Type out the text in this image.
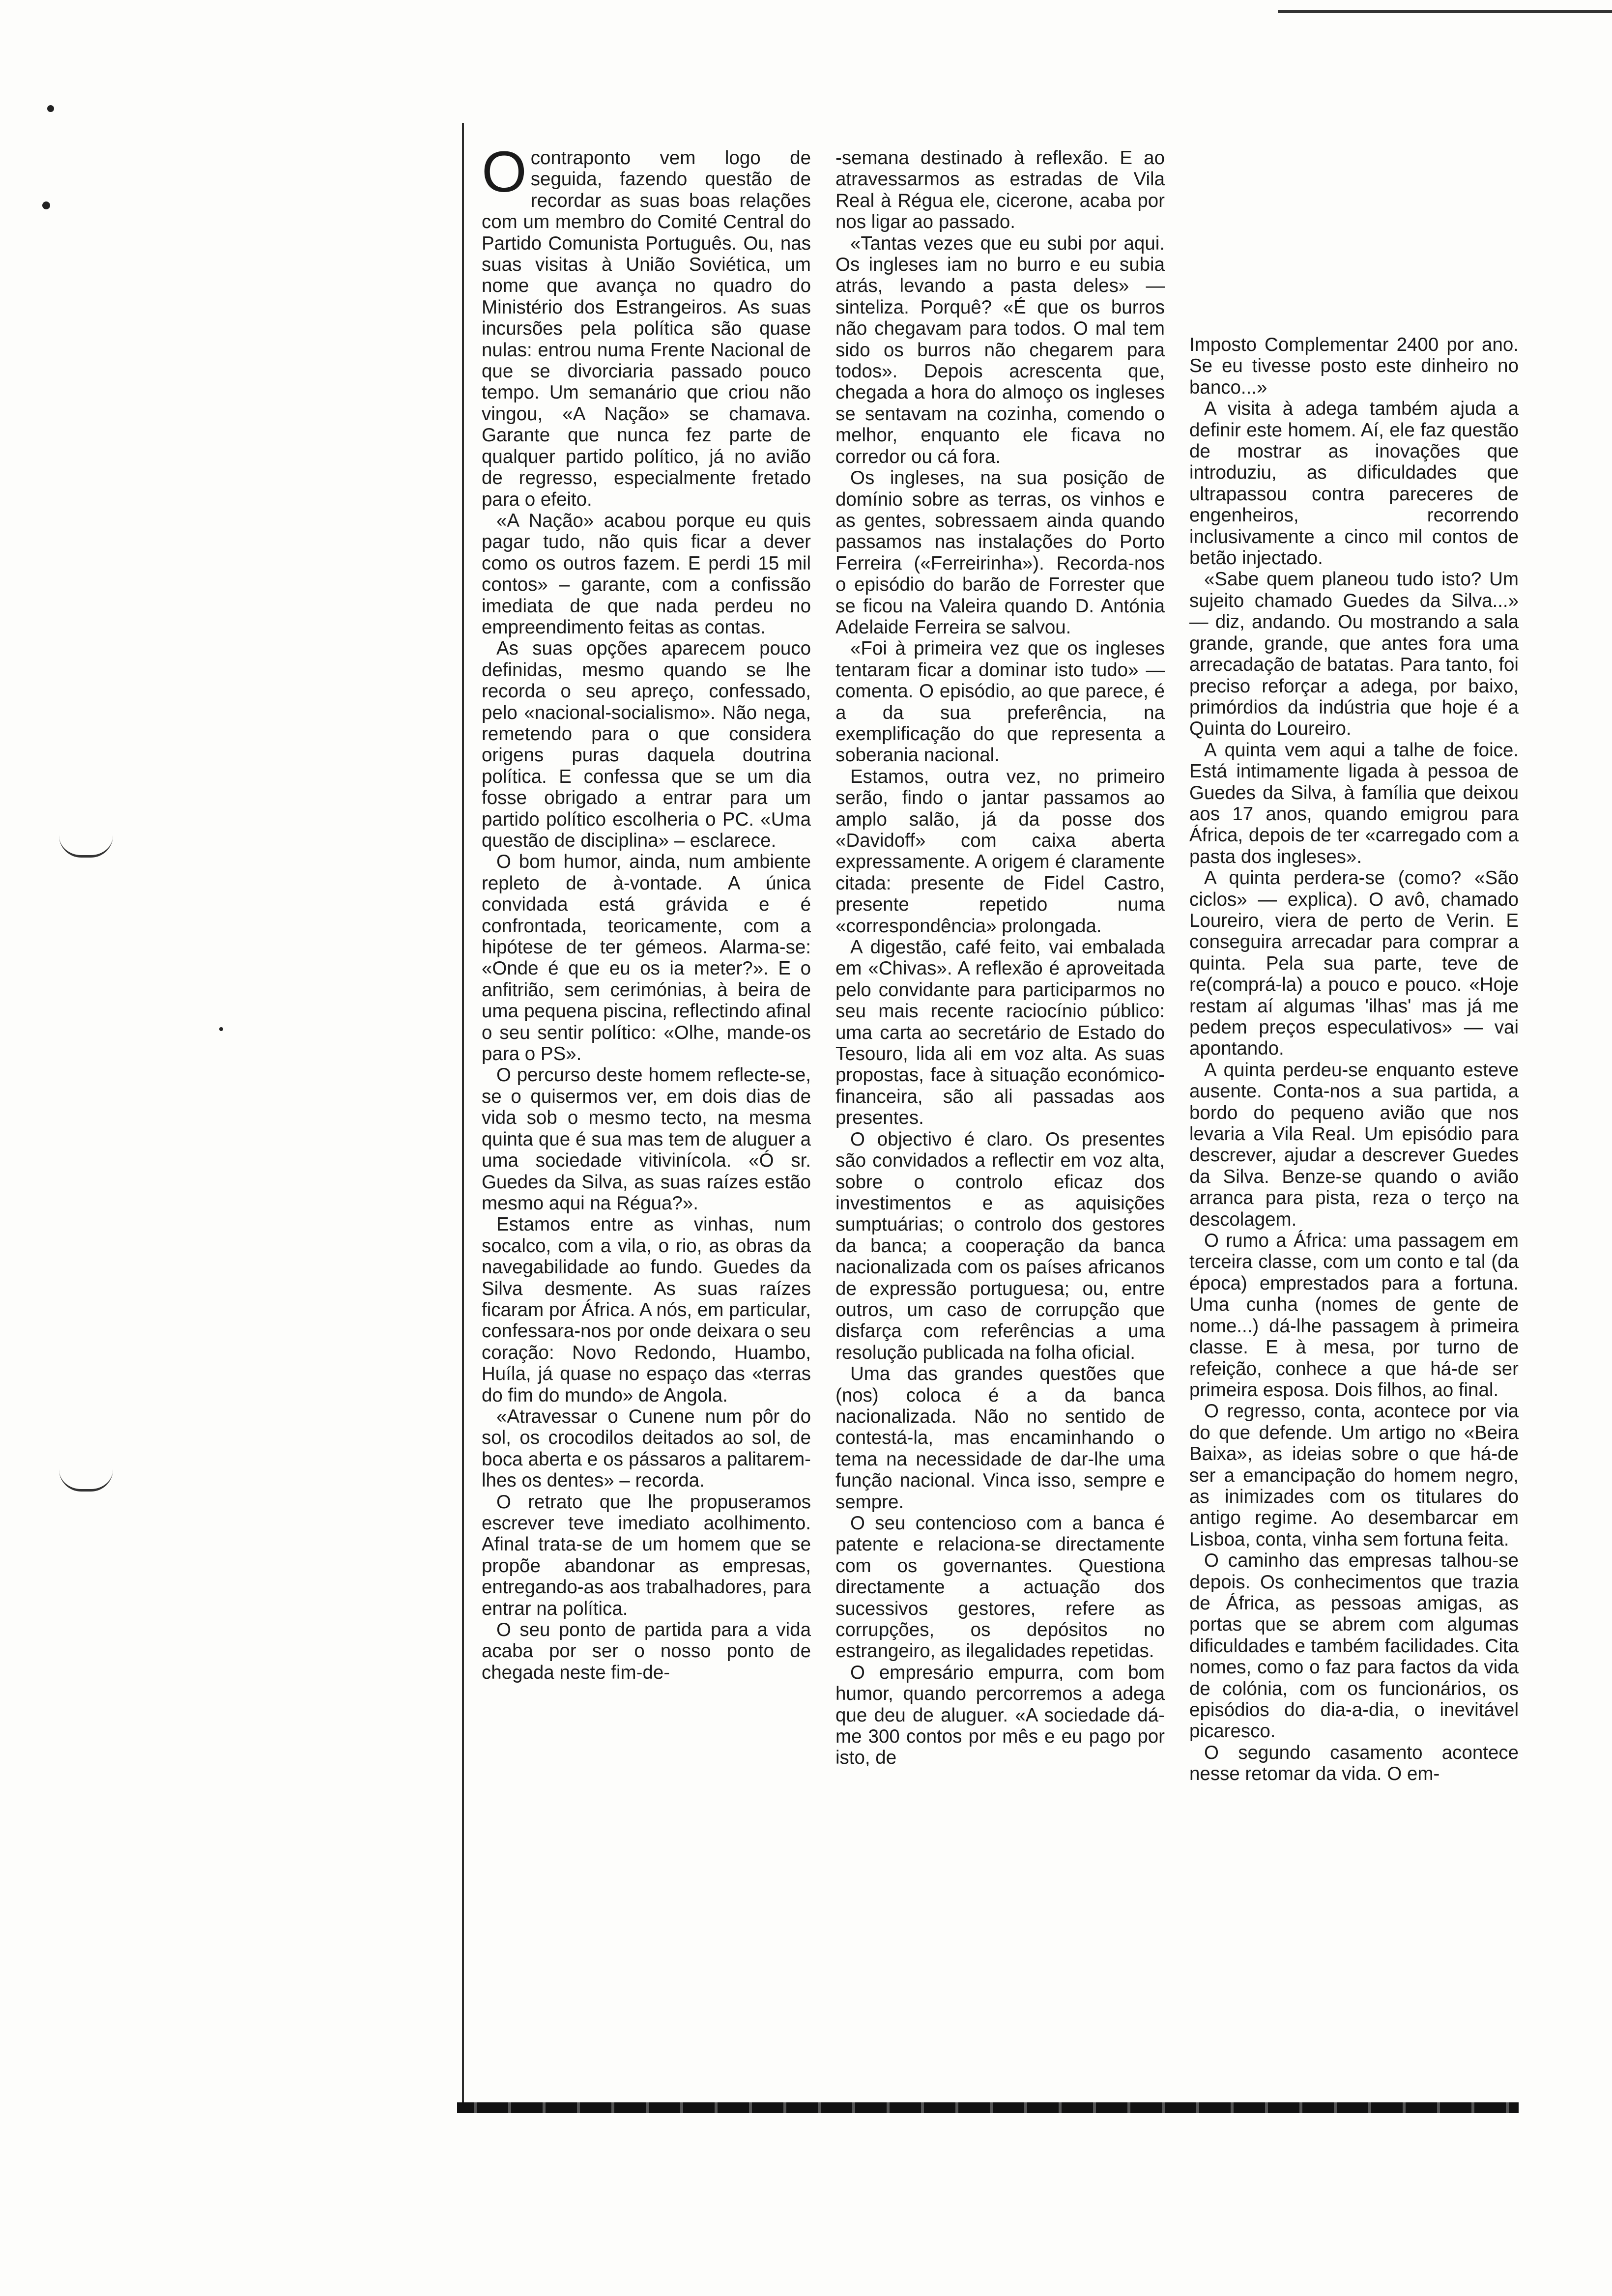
Ocontraponto vem logo de seguida, fazendo questão de recordar as suas boas relações com um membro do Comité Central do Partido Comunista Português. Ou, nas suas visitas à União Soviética, um nome que avança no quadro do Ministério dos Estrangeiros. As suas incursões pela política são quase nulas: entrou numa Frente Nacional de que se divorciaria passado pouco tempo. Um semanário que criou não vingou, «A Nação» se chamava. Garante que nunca fez parte de qualquer partido político, já no avião de regresso, especialmente fretado para o efeito.

«A Nação» acabou porque eu quis pagar tudo, não quis ficar a dever como os outros fazem. E perdi 15 mil contos» – garante, com a confissão imediata de que nada perdeu no empreendimento feitas as contas.

As suas opções aparecem pouco definidas, mesmo quando se lhe recorda o seu apreço, confessado, pelo «nacional-socialismo». Não nega, remetendo para o que considera origens puras daquela doutrina política. E confessa que se um dia fosse obrigado a entrar para um partido político escolheria o PC. «Uma questão de disciplina» – esclarece.

O bom humor, ainda, num ambiente repleto de à-vontade. A única convidada está grávida e é confrontada, teoricamente, com a hipótese de ter gémeos. Alarma-se: «Onde é que eu os ia meter?». E o anfitrião, sem cerimónias, à beira de uma pequena piscina, reflectindo afinal o seu sentir político: «Olhe, mande-os para o PS».

O percurso deste homem reflecte-se, se o quisermos ver, em dois dias de vida sob o mesmo tecto, na mesma quinta que é sua mas tem de aluguer a uma sociedade vitivinícola. «Ó sr. Guedes da Silva, as suas raízes estão mesmo aqui na Régua?».

Estamos entre as vinhas, num socalco, com a vila, o rio, as obras da navegabilidade ao fundo. Guedes da Silva desmente. As suas raízes ficaram por África. A nós, em particular, confessara-nos por onde deixara o seu coração: Novo Redondo, Huambo, Huíla, já quase no espaço das «terras do fim do mundo» de Angola.

«Atravessar o Cunene num pôr do sol, os crocodilos deitados ao sol, de boca aberta e os pássaros a palitarem-lhes os dentes» – recorda.

O retrato que lhe propuseramos escrever teve imediato acolhimento. Afinal trata-se de um homem que se propõe abandonar as empresas, entregando-as aos trabalhadores, para entrar na política.

O seu ponto de partida para a vida acaba por ser o nosso ponto de chegada neste fim-de-

-semana destinado à reflexão. E ao atravessarmos as estradas de Vila Real à Régua ele, cicerone, acaba por nos ligar ao passado.

«Tantas vezes que eu subi por aqui. Os ingleses iam no burro e eu subia atrás, levando a pasta deles» — sinteliza. Porquê? «É que os burros não chegavam para todos. O mal tem sido os burros não chegarem para todos». Depois acrescenta que, chegada a hora do almoço os ingleses se sentavam na cozinha, comendo o melhor, enquanto ele ficava no corredor ou cá fora.

Os ingleses, na sua posição de domínio sobre as terras, os vinhos e as gentes, sobressaem ainda quando passamos nas instalações do Porto Ferreira («Ferreirinha»). Recorda-nos o episódio do barão de Forrester que se ficou na Valeira quando D. Antónia Adelaide Ferreira se salvou.

«Foi à primeira vez que os ingleses tentaram ficar a dominar isto tudo» — comenta. O episódio, ao que parece, é a da sua preferência, na exemplificação do que representa a soberania nacional.

Estamos, outra vez, no primeiro serão, findo o jantar passamos ao amplo salão, já da posse dos «Davidoff» com caixa aberta expressamente. A origem é claramente citada: presente de Fidel Castro, presente repetido numa «correspondência» prolongada.

A digestão, café feito, vai embalada em «Chivas». A reflexão é aproveitada pelo convidante para participarmos no seu mais recente raciocínio público: uma carta ao secretário de Estado do Tesouro, lida ali em voz alta. As suas propostas, face à situação económico-financeira, são ali passadas aos presentes.

O objectivo é claro. Os presentes são convidados a reflectir em voz alta, sobre o controlo eficaz dos investimentos e as aquisições sumptuárias; o controlo dos gestores da banca; a cooperação da banca nacionalizada com os países africanos de expressão portuguesa; ou, entre outros, um caso de corrupção que disfarça com referências a uma resolução publicada na folha oficial.

Uma das grandes questões que (nos) coloca é a da banca nacionalizada. Não no sentido de contestá-la, mas encaminhando o tema na necessidade de dar-lhe uma função nacional. Vinca isso, sempre e sempre.

O seu contencioso com a banca é patente e relaciona-se directamente com os governantes. Questiona directamente a actuação dos sucessivos gestores, refere as corrupções, os depósitos no estrangeiro, as ilegalidades repetidas.

O empresário empurra, com bom humor, quando percorremos a adega que deu de aluguer. «A sociedade dá-me 300 contos por mês e eu pago por isto, de

Imposto Complementar 2400 por ano. Se eu tivesse posto este dinheiro no banco...»

A visita à adega também ajuda a definir este homem. Aí, ele faz questão de mostrar as inovações que introduziu, as dificuldades que ultrapassou contra pareceres de engenheiros, recorrendo inclusivamente a cinco mil contos de betão injectado.

«Sabe quem planeou tudo isto? Um sujeito chamado Guedes da Silva...» — diz, andando. Ou mostrando a sala grande, grande, que antes fora uma arrecadação de batatas. Para tanto, foi preciso reforçar a adega, por baixo, primórdios da indústria que hoje é a Quinta do Loureiro.

A quinta vem aqui a talhe de foice. Está intimamente ligada à pessoa de Guedes da Silva, à família que deixou aos 17 anos, quando emigrou para África, depois de ter «carregado com a pasta dos ingleses».

A quinta perdera-se (como? «São ciclos» — explica). O avô, chamado Loureiro, viera de perto de Verin. E conseguira arrecadar para comprar a quinta. Pela sua parte, teve de re(comprá-la) a pouco e pouco. «Hoje restam aí algumas 'ilhas' mas já me pedem preços especulativos» — vai apontando.

A quinta perdeu-se enquanto esteve ausente. Conta-nos a sua partida, a bordo do pequeno avião que nos levaria a Vila Real. Um episódio para descrever, ajudar a descrever Guedes da Silva. Benze-se quando o avião arranca para pista, reza o terço na descolagem.

O rumo a África: uma passagem em terceira classe, com um conto e tal (da época) emprestados para a fortuna. Uma cunha (nomes de gente de nome...) dá-lhe passagem à primeira classe. E à mesa, por turno de refeição, conhece a que há-de ser primeira esposa. Dois filhos, ao final.

O regresso, conta, acontece por via do que defende. Um artigo no «Beira Baixa», as ideias sobre o que há-de ser a emancipação do homem negro, as inimizades com os titulares do antigo regime. Ao desembarcar em Lisboa, conta, vinha sem fortuna feita.

O caminho das empresas talhou-se depois. Os conhecimentos que trazia de África, as pessoas amigas, as portas que se abrem com algumas dificuldades e também facilidades. Cita nomes, como o faz para factos da vida de colónia, com os funcionários, os episódios do dia-a-dia, o inevitável picaresco.

O segundo casamento acontece nesse retomar da vida. O em-
